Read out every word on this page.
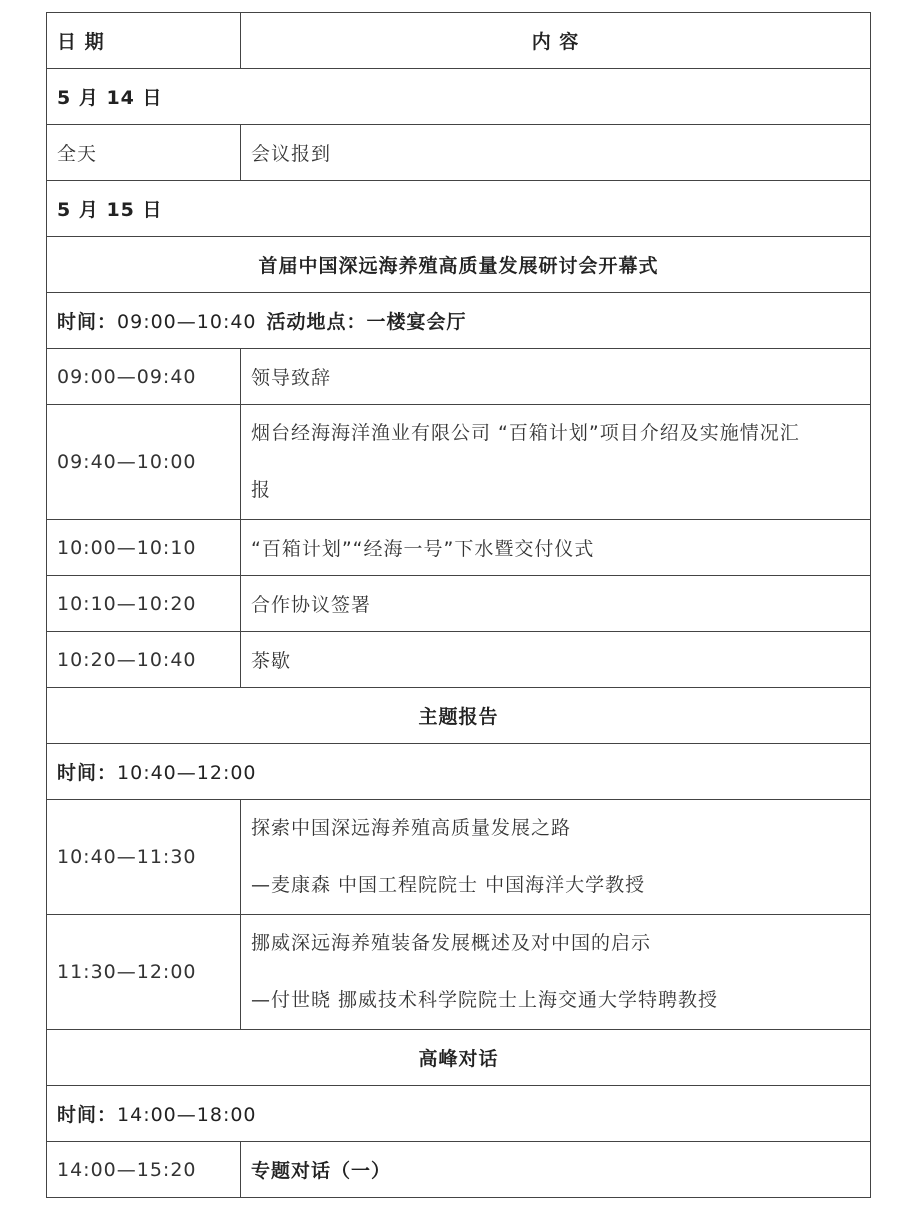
日 期	内 容
5 月 14 日	
全天	会议报到
5 月 15 日	
首届中国深远海养殖高质量发展研讨会开幕式	
时间：09:00—10:40 活动地点：一楼宴会厅	
09:00—09:40	领导致辞
09:40—10:00	烟台经海海洋渔业有限公司 “百箱计划”项目介绍及实施情况汇
报

10:00—10:10	“百箱计划”“经海一号”下水暨交付仪式
10:10—10:20	合作协议签署
10:20—10:40	茶歇
主题报告	
时间：10:40—12:00	
10:40—11:30	探索中国深远海养殖高质量发展之路
—麦康森 中国工程院院士 中国海洋大学教授

11:30—12:00	挪威深远海养殖装备发展概述及对中国的启示
—付世晓 挪威技术科学院院士上海交通大学特聘教授

高峰对话	
时间：14:00—18:00	
14:00—15:20	专题对话（一）
